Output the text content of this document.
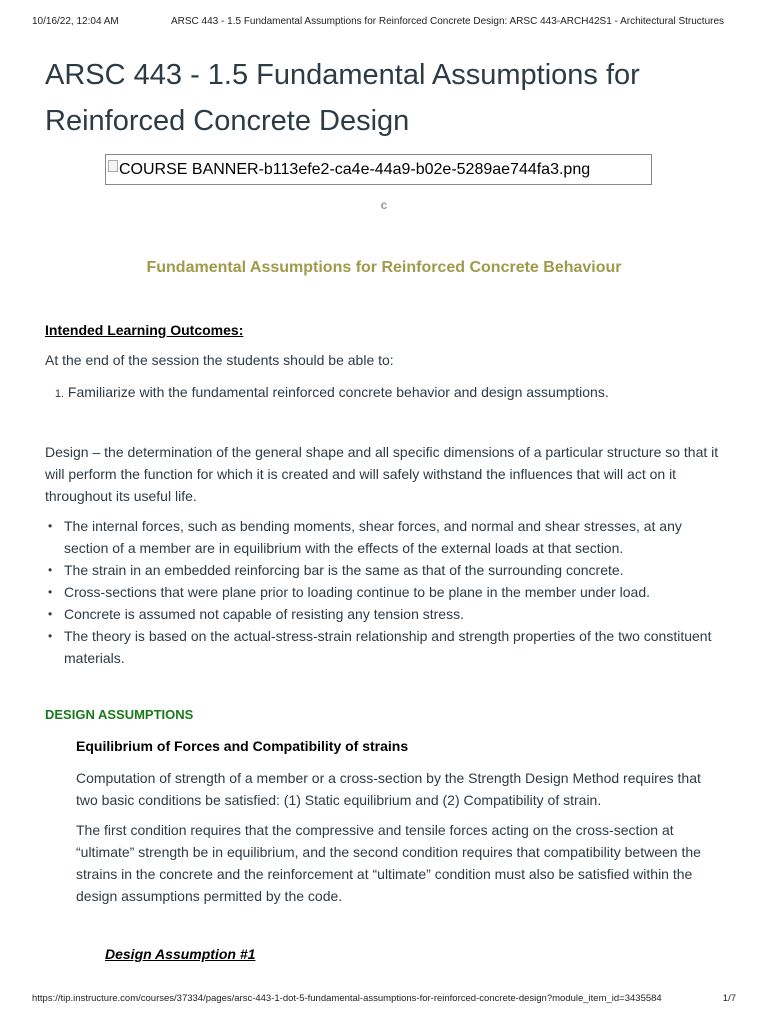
10/16/22, 12:04 AM	ARSC 443 - 1.5 Fundamental Assumptions for Reinforced Concrete Design: ARSC 443-ARCH42S1 - Architectural Structures
ARSC 443 - 1.5 Fundamental Assumptions for
Reinforced Concrete Design
COURSE BANNER-b113efe2-ca4e-44a9-b02e-5289ae744fa3.png
c
Fundamental Assumptions for Reinforced Concrete Behaviour
Intended Learning Outcomes:
At the end of the session the students should be able to:
1. Familiarize with the fundamental reinforced concrete behavior and design assumptions.

Design – the determination of the general shape and all specific dimensions of a particular structure so that it
will perform the function for which it is created and will safely withstand the influences that will act on it
throughout its useful life.

• The internal forces, such as bending moments, shear forces, and normal and shear stresses, at any
section of a member are in equilibrium with the effects of the external loads at that section.
• The strain in an embedded reinforcing bar is the same as that of the surrounding concrete.
• Cross-sections that were plane prior to loading continue to be plane in the member under load.
• Concrete is assumed not capable of resisting any tension stress.
• The theory is based on the actual-stress-strain relationship and strength properties of the two constituent
materials.
DESIGN ASSUMPTIONS
Equilibrium of Forces and Compatibility of strains

Computation of strength of a member or a cross-section by the Strength Design Method requires that
two basic conditions be satisfied: (1) Static equilibrium and (2) Compatibility of strain.

The first condition requires that the compressive and tensile forces acting on the cross-section at
“ultimate” strength be in equilibrium, and the second condition requires that compatibility between the
strains in the concrete and the reinforcement at “ultimate” condition must also be satisfied within the
design assumptions permitted by the code.

Design Assumption #1
https://tip.instructure.com/courses/37334/pages/arsc-443-1-dot-5-fundamental-assumptions-for-reinforced-concrete-design?module_item_id=3435584	1/7
